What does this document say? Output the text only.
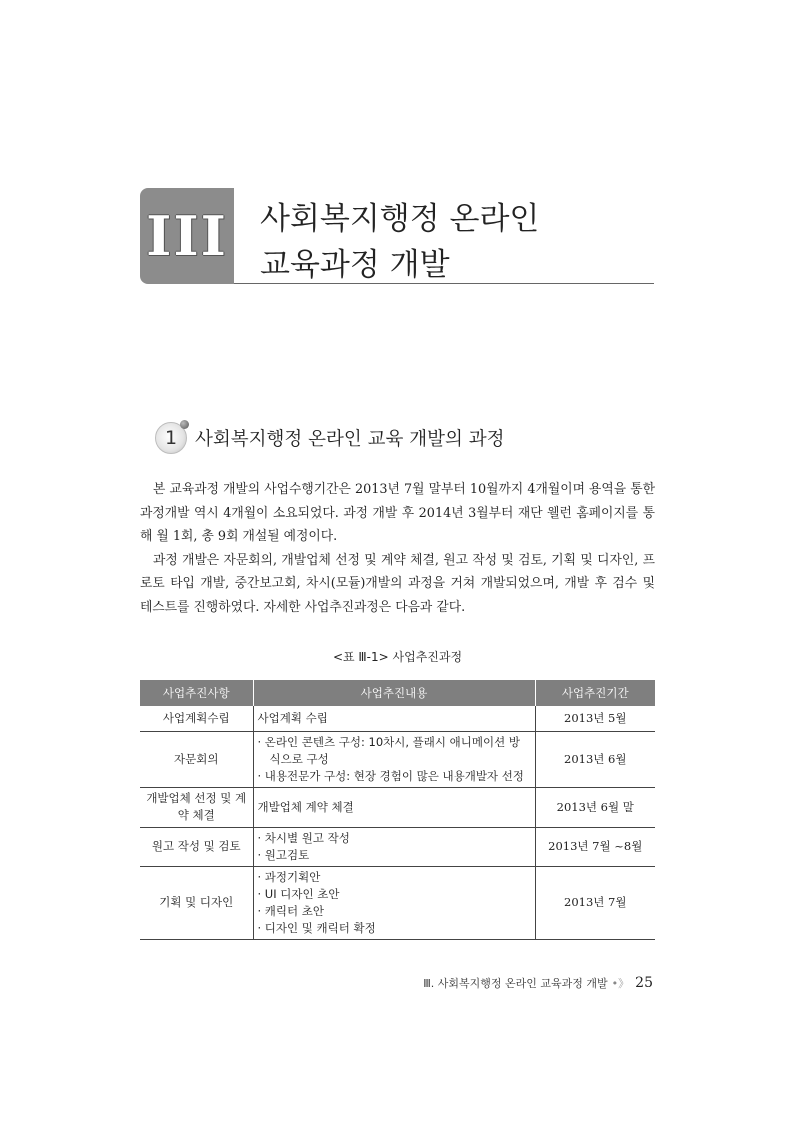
III 사회복지행정 온라인
교육과정 개발
1 사회복지행정 온라인 교육 개발의 과정

본 교육과정 개발의 사업수행기간은 2013년 7월 말부터 10월까지 4개월이며 용역을 통한 과정개발 역시 4개월이 소요되었다. 과정 개발 후 2014년 3월부터 재단 웰런 홈페이지를 통해 월 1회, 총 9회 개설될 예정이다.

과정 개발은 자문회의, 개발업체 선정 및 계약 체결, 원고 작성 및 검토, 기획 및 디자인, 프로토 타입 개발, 중간보고회, 차시(모듈)개발의 과정을 거쳐 개발되었으며, 개발 후 검수 및 테스트를 진행하였다. 자세한 사업추진과정은 다음과 같다.

<표 Ⅲ-1> 사업추진과정
사업추진사항	사업추진내용	사업추진기간
사업계획수립	사업계획 수립	2013년 5월
자문회의	· 온라인 콘텐츠 구성: 10차시, 플래시 애니메이션 방식으로 구성
· 내용전문가 구성: 현장 경험이 많은 내용개발자 선정	2013년 6월
개발업체 선정 및 계약 체결	개발업체 계약 체결	2013년 6월 말
원고 작성 및 검토	· 차시별 원고 작성
· 원고검토	2013년 7월 ~8월
기획 및 디자인	· 과정기획안
· UI 디자인 초안
· 캐릭터 초안
· 디자인 및 캐릭터 확정	2013년 7월
Ⅲ. 사회복지행정 온라인 교육과정 개발 •》 25
